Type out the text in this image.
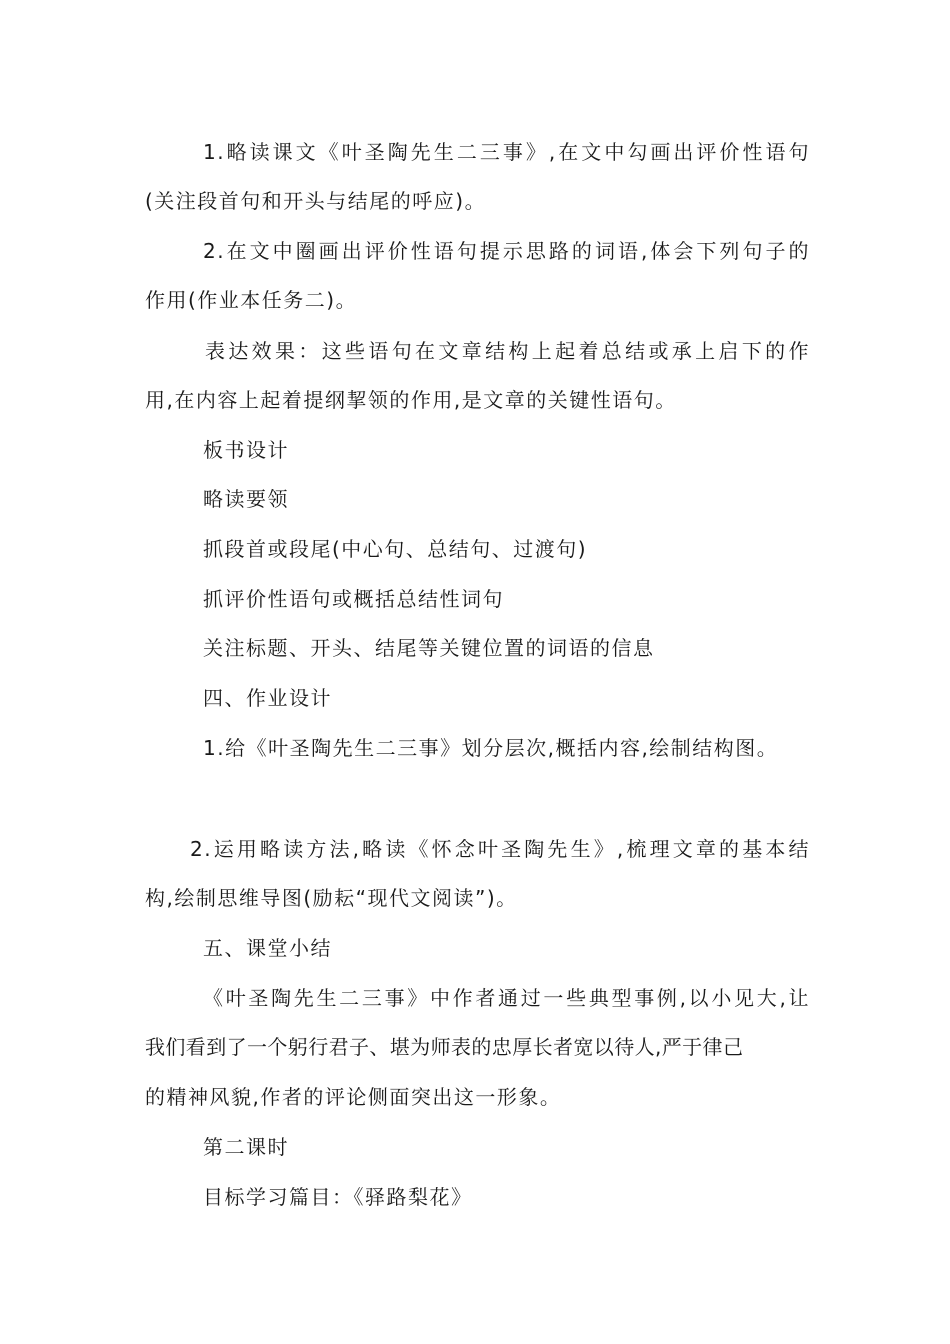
1.略读课文《叶圣陶先生二三事》,在文中勾画出评价性语句
(关注段首句和开头与结尾的呼应)。
2.在文中圈画出评价性语句提示思路的词语,体会下列句子的
作用(作业本任务二)。
表达效果：这些语句在文章结构上起着总结或承上启下的作
用,在内容上起着提纲挈领的作用,是文章的关键性语句。
板书设计
略读要领
抓段首或段尾(中心句、总结句、过渡句)
抓评价性语句或概括总结性词句
关注标题、开头、结尾等关键位置的词语的信息
四、作业设计
1.给《叶圣陶先生二三事》划分层次,概括内容,绘制结构图。
2.运用略读方法,略读《怀念叶圣陶先生》,梳理文章的基本结
构,绘制思维导图(励耘“现代文阅读”)。
五、课堂小结
《叶圣陶先生二三事》中作者通过一些典型事例,以小见大,让
我们看到了一个躬行君子、堪为师表的忠厚长者宽以待人,严于律己
的精神风貌,作者的评论侧面突出这一形象。
第二课时
目标学习篇目：《驿路梨花》
